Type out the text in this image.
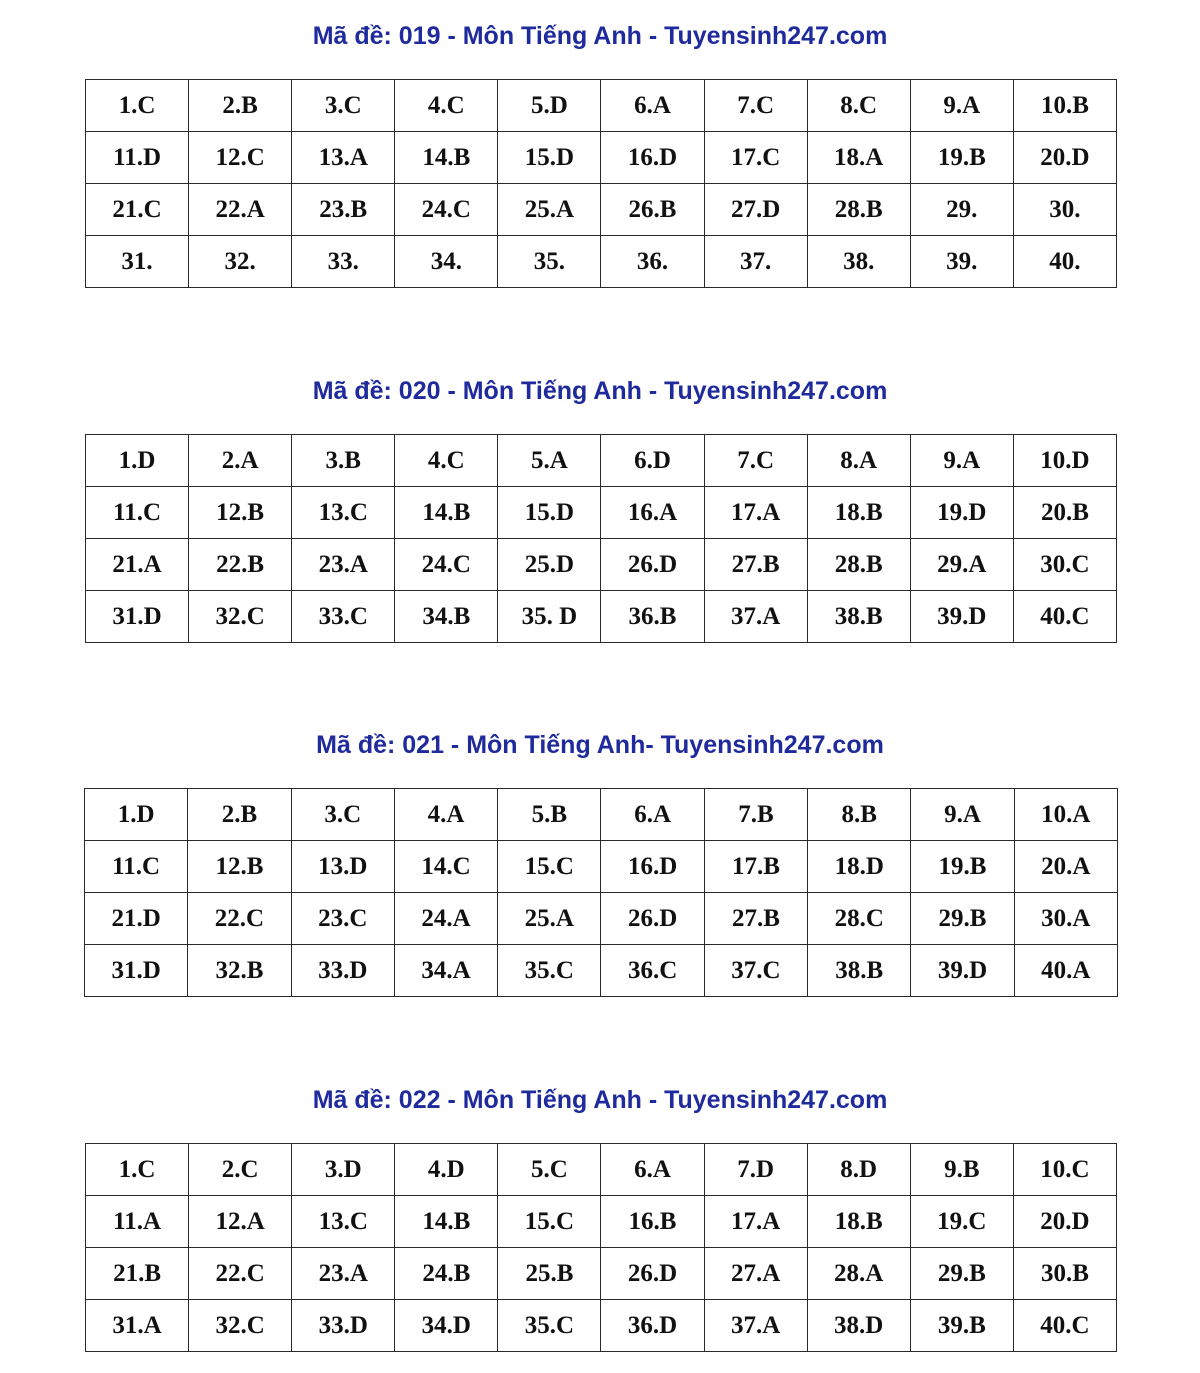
Mã đề: 019 - Môn Tiếng Anh - Tuyensinh247.com
1.C	2.B	3.C	4.C	5.D	6.A	7.C	8.C	9.A	10.B
11.D	12.C	13.A	14.B	15.D	16.D	17.C	18.A	19.B	20.D
21.C	22.A	23.B	24.C	25.A	26.B	27.D	28.B	29.	30.
31.	32.	33.	34.	35.	36.	37.	38.	39.	40.
Mã đề: 020 - Môn Tiếng Anh - Tuyensinh247.com
1.D	2.A	3.B	4.C	5.A	6.D	7.C	8.A	9.A	10.D
11.C	12.B	13.C	14.B	15.D	16.A	17.A	18.B	19.D	20.B
21.A	22.B	23.A	24.C	25.D	26.D	27.B	28.B	29.A	30.C
31.D	32.C	33.C	34.B	35. D	36.B	37.A	38.B	39.D	40.C
Mã đề: 021 - Môn Tiếng Anh- Tuyensinh247.com
1.D	2.B	3.C	4.A	5.B	6.A	7.B	8.B	9.A	10.A
11.C	12.B	13.D	14.C	15.C	16.D	17.B	18.D	19.B	20.A
21.D	22.C	23.C	24.A	25.A	26.D	27.B	28.C	29.B	30.A
31.D	32.B	33.D	34.A	35.C	36.C	37.C	38.B	39.D	40.A
Mã đề: 022 - Môn Tiếng Anh - Tuyensinh247.com
1.C	2.C	3.D	4.D	5.C	6.A	7.D	8.D	9.B	10.C
11.A	12.A	13.C	14.B	15.C	16.B	17.A	18.B	19.C	20.D
21.B	22.C	23.A	24.B	25.B	26.D	27.A	28.A	29.B	30.B
31.A	32.C	33.D	34.D	35.C	36.D	37.A	38.D	39.B	40.C
